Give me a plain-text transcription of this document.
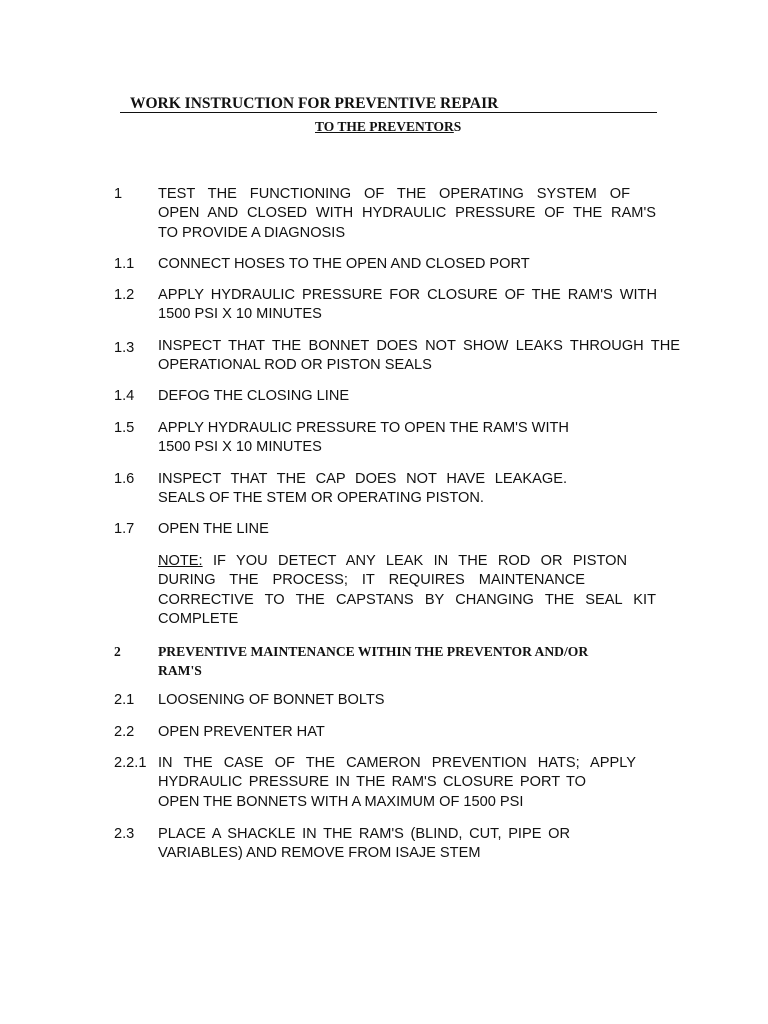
WORK INSTRUCTION FOR PREVENTIVE REPAIR
TO THE PREVENTORS
1 TEST THE FUNCTIONING OF THE OPERATING SYSTEM OF
OPEN AND CLOSED WITH HYDRAULIC PRESSURE OF THE RAM'S
TO PROVIDE A DIAGNOSIS
1.1 CONNECT HOSES TO THE OPEN AND CLOSED PORT
1.2 APPLY HYDRAULIC PRESSURE FOR CLOSURE OF THE RAM'S WITH
1500 PSI X 10 MINUTES
1.3 INSPECT THAT THE BONNET DOES NOT SHOW LEAKS THROUGH THE
OPERATIONAL ROD OR PISTON SEALS
1.4 DEFOG THE CLOSING LINE
1.5 APPLY HYDRAULIC PRESSURE TO OPEN THE RAM'S WITH
1500 PSI X 10 MINUTES
1.6 INSPECT THAT THE CAP DOES NOT HAVE LEAKAGE.
SEALS OF THE STEM OR OPERATING PISTON.
1.7 OPEN THE LINE
NOTE: IF YOU DETECT ANY LEAK IN THE ROD OR PISTON
DURING THE PROCESS; IT REQUIRES MAINTENANCE
CORRECTIVE TO THE CAPSTANS BY CHANGING THE SEAL KIT
COMPLETE
2	PREVENTIVE MAINTENANCE WITHIN THE PREVENTOR AND/OR
RAM'S
2.1 LOOSENING OF BONNET BOLTS
2.2 OPEN PREVENTER HAT
2.2.1 IN THE CASE OF THE CAMERON PREVENTION HATS; APPLY
HYDRAULIC PRESSURE IN THE RAM'S CLOSURE PORT TO
OPEN THE BONNETS WITH A MAXIMUM OF 1500 PSI
2.3 PLACE A SHACKLE IN THE RAM'S (BLIND, CUT, PIPE OR
VARIABLES) AND REMOVE FROM ISAJE STEM
